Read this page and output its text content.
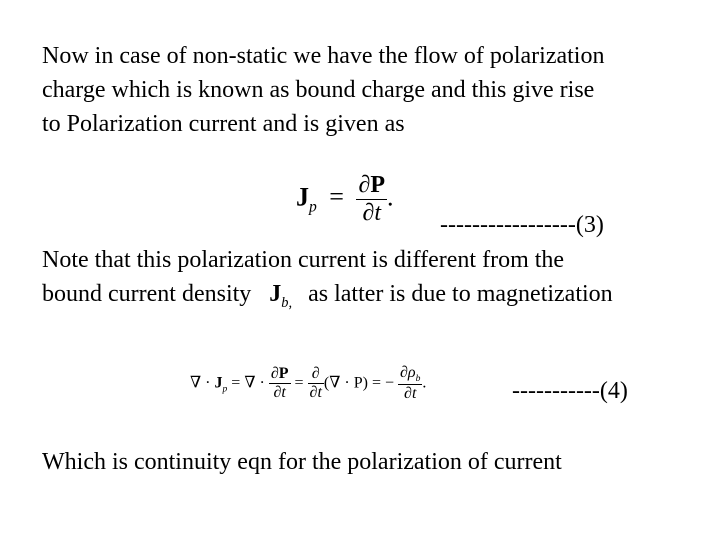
Now in case of non-static we have the flow of polarization
charge which is known as bound charge and this give rise
to Polarization current and is given as
$J_p = \frac{\partial P}{\partial t}$ .
-----------------(3)
Note that this polarization current is different from the
bound current density $J_{b,}$ as latter is due to magnetization
∇ · $J_p$ = ∇ · $\frac{\partial P}{\partial t} = \frac{\partial}{\partial t}$ (∇ · P) = − $\frac{\partial\rho_b}{\partial t}$ .	-----------(4)
Which is continuity eqn for the polarization of current
